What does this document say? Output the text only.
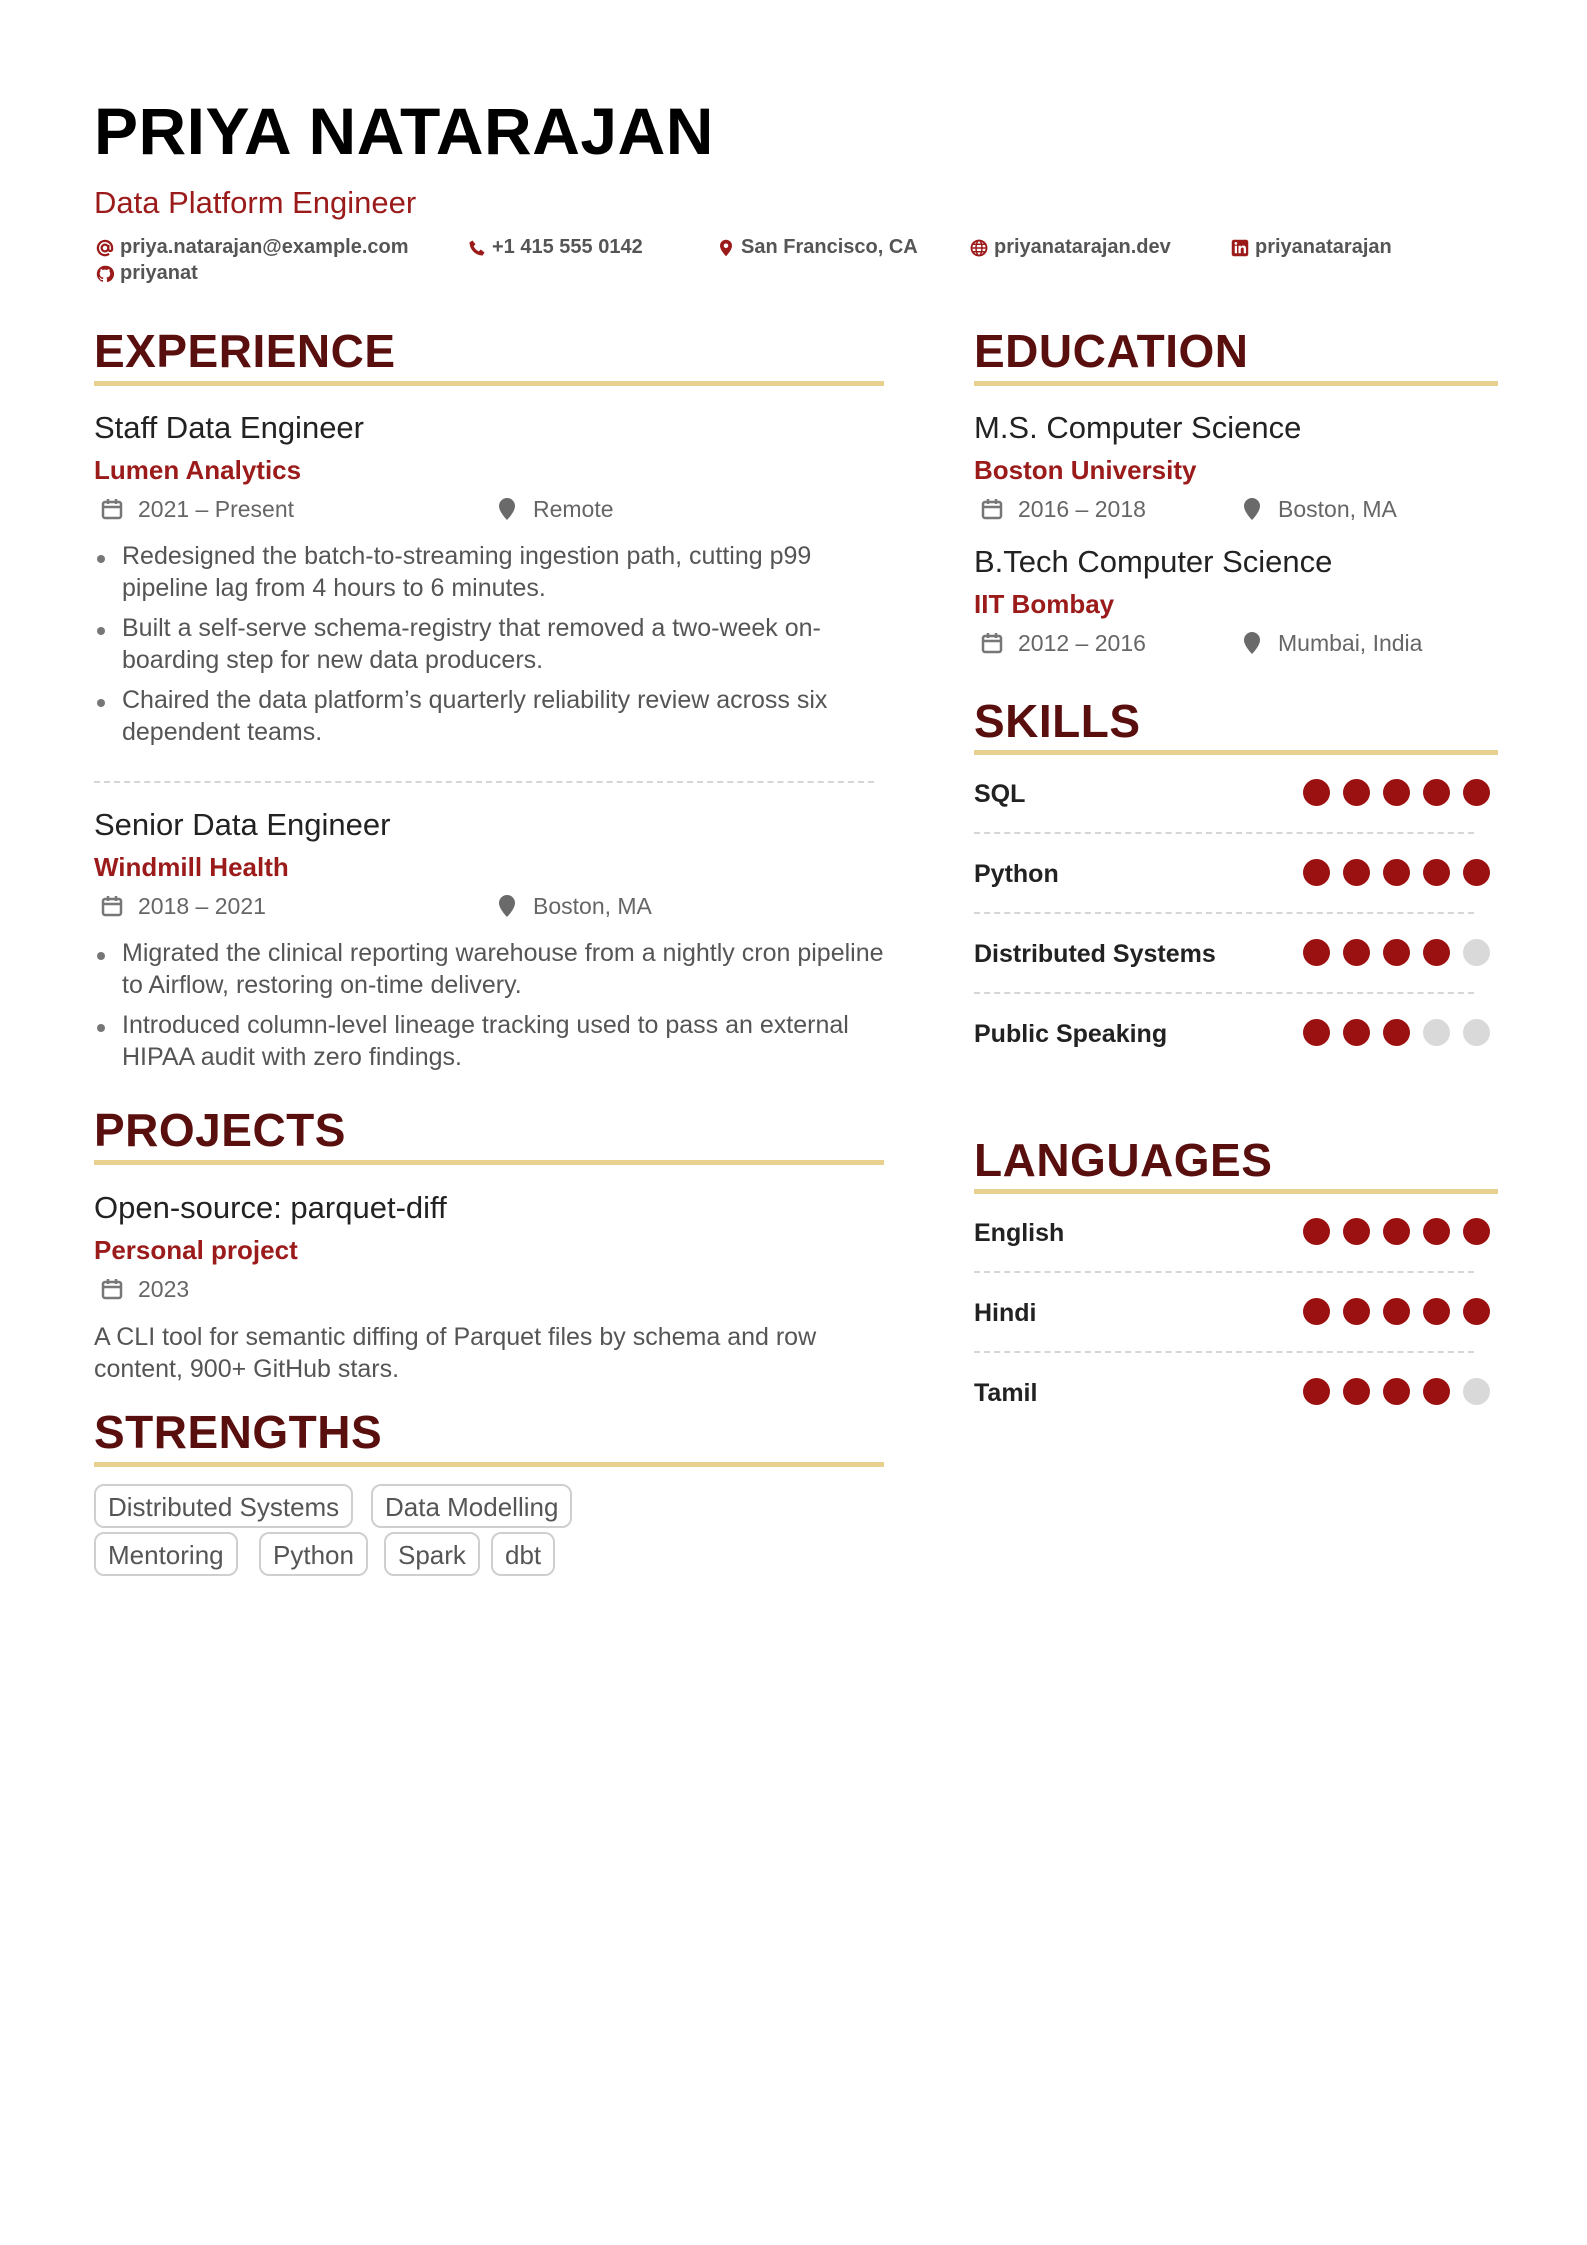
PRIYA NATARAJAN
Data Platform Engineer
priya.natarajan@example.com	+1 415 555 0142	San Francisco, CA	priyanatarajan.dev	priyanatarajan
priyanat
EXPERIENCE
Staff Data Engineer
Lumen Analytics
2021 – Present	Remote
Redesigned the batch-to-streaming ingestion path, cutting p99 pipeline lag from 4 hours to 6 minutes.
Built a self-serve schema-registry that removed a two-week on-boarding step for new data producers.
Chaired the data platform’s quarterly reliability review across six dependent teams.
Senior Data Engineer
Windmill Health
2018 – 2021	Boston, MA
Migrated the clinical reporting warehouse from a nightly cron pipeline to Airflow, restoring on-time delivery.
Introduced column-level lineage tracking used to pass an external HIPAA audit with zero findings.
PROJECTS
Open-source: parquet-diff
Personal project
2023
A CLI tool for semantic diffing of Parquet files by schema and row content, 900+ GitHub stars.
STRENGTHS
Distributed Systems	Data Modelling
Mentoring	Python	Spark	dbt
EDUCATION
M.S. Computer Science
Boston University
2016 – 2018	Boston, MA
B.Tech Computer Science
IIT Bombay
2012 – 2016	Mumbai, India
SKILLS
SQL
Python
Distributed Systems
Public Speaking
LANGUAGES
English
Hindi
Tamil
